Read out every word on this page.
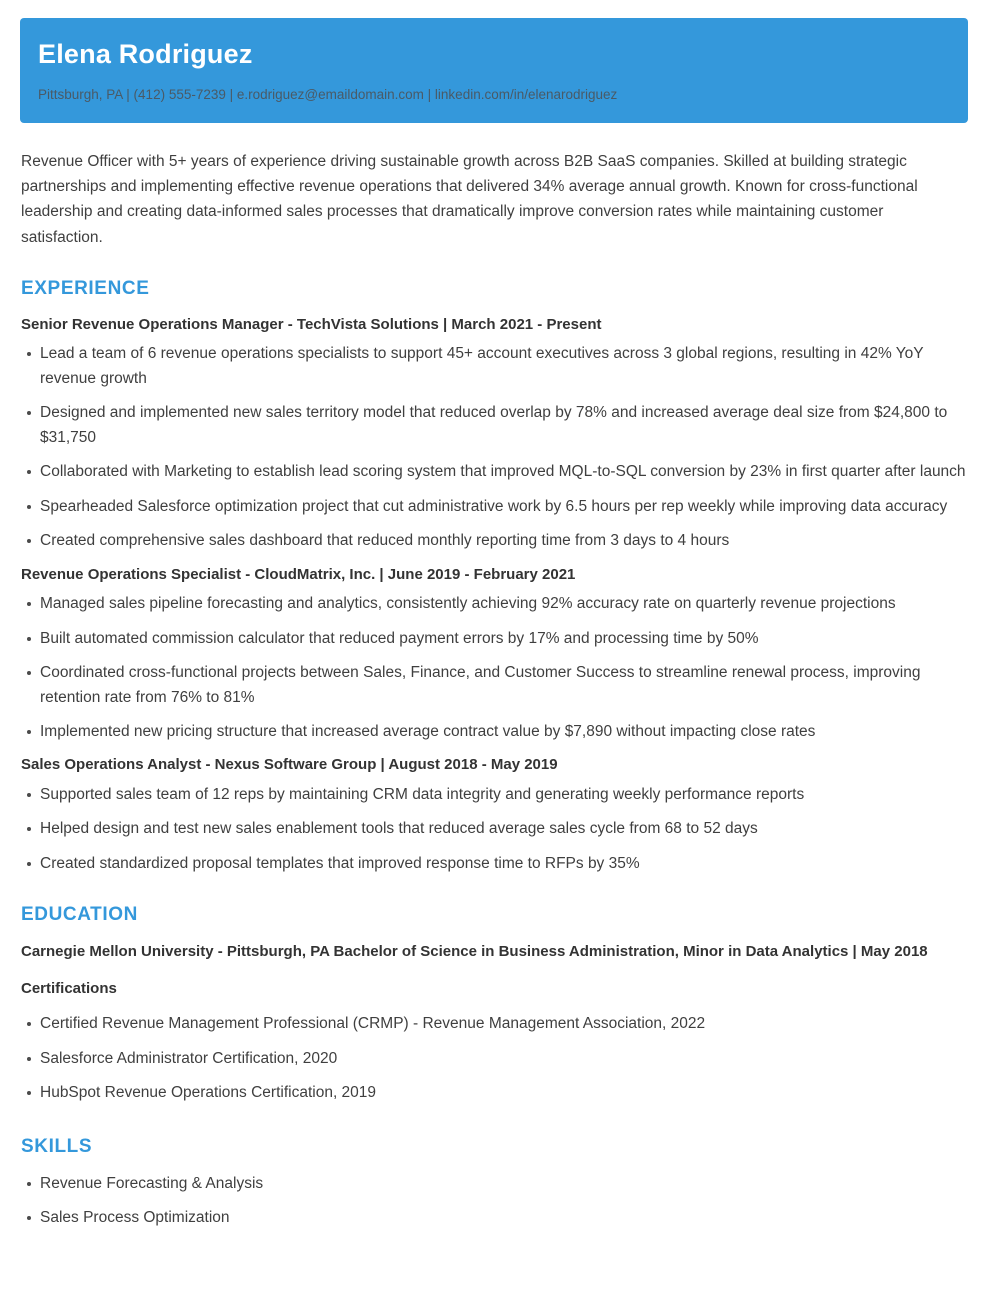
Elena Rodriguez

Pittsburgh, PA | (412) 555-7239 | e.rodriguez@emaildomain.com | linkedin.com/in/elenarodriguez

Revenue Officer with 5+ years of experience driving sustainable growth across B2B SaaS companies. Skilled at building strategic partnerships and implementing effective revenue operations that delivered 34% average annual growth. Known for cross-functional leadership and creating data-informed sales processes that dramatically improve conversion rates while maintaining customer satisfaction.

EXPERIENCE
Senior Revenue Operations Manager - TechVista Solutions | March 2021 - Present
Lead a team of 6 revenue operations specialists to support 45+ account executives across 3 global regions, resulting in 42% YoY revenue growth
Designed and implemented new sales territory model that reduced overlap by 78% and increased average deal size from $24,800 to $31,750
Collaborated with Marketing to establish lead scoring system that improved MQL-to-SQL conversion by 23% in first quarter after launch
Spearheaded Salesforce optimization project that cut administrative work by 6.5 hours per rep weekly while improving data accuracy
Created comprehensive sales dashboard that reduced monthly reporting time from 3 days to 4 hours
Revenue Operations Specialist - CloudMatrix, Inc. | June 2019 - February 2021
Managed sales pipeline forecasting and analytics, consistently achieving 92% accuracy rate on quarterly revenue projections
Built automated commission calculator that reduced payment errors by 17% and processing time by 50%
Coordinated cross-functional projects between Sales, Finance, and Customer Success to streamline renewal process, improving retention rate from 76% to 81%
Implemented new pricing structure that increased average contract value by $7,890 without impacting close rates
Sales Operations Analyst - Nexus Software Group | August 2018 - May 2019
Supported sales team of 12 reps by maintaining CRM data integrity and generating weekly performance reports
Helped design and test new sales enablement tools that reduced average sales cycle from 68 to 52 days
Created standardized proposal templates that improved response time to RFPs by 35%
EDUCATION

Carnegie Mellon University - Pittsburgh, PA Bachelor of Science in Business Administration, Minor in Data Analytics | May 2018

Certifications
Certified Revenue Management Professional (CRMP) - Revenue Management Association, 2022
Salesforce Administrator Certification, 2020
HubSpot Revenue Operations Certification, 2019
SKILLS
Revenue Forecasting & Analysis
Sales Process Optimization
